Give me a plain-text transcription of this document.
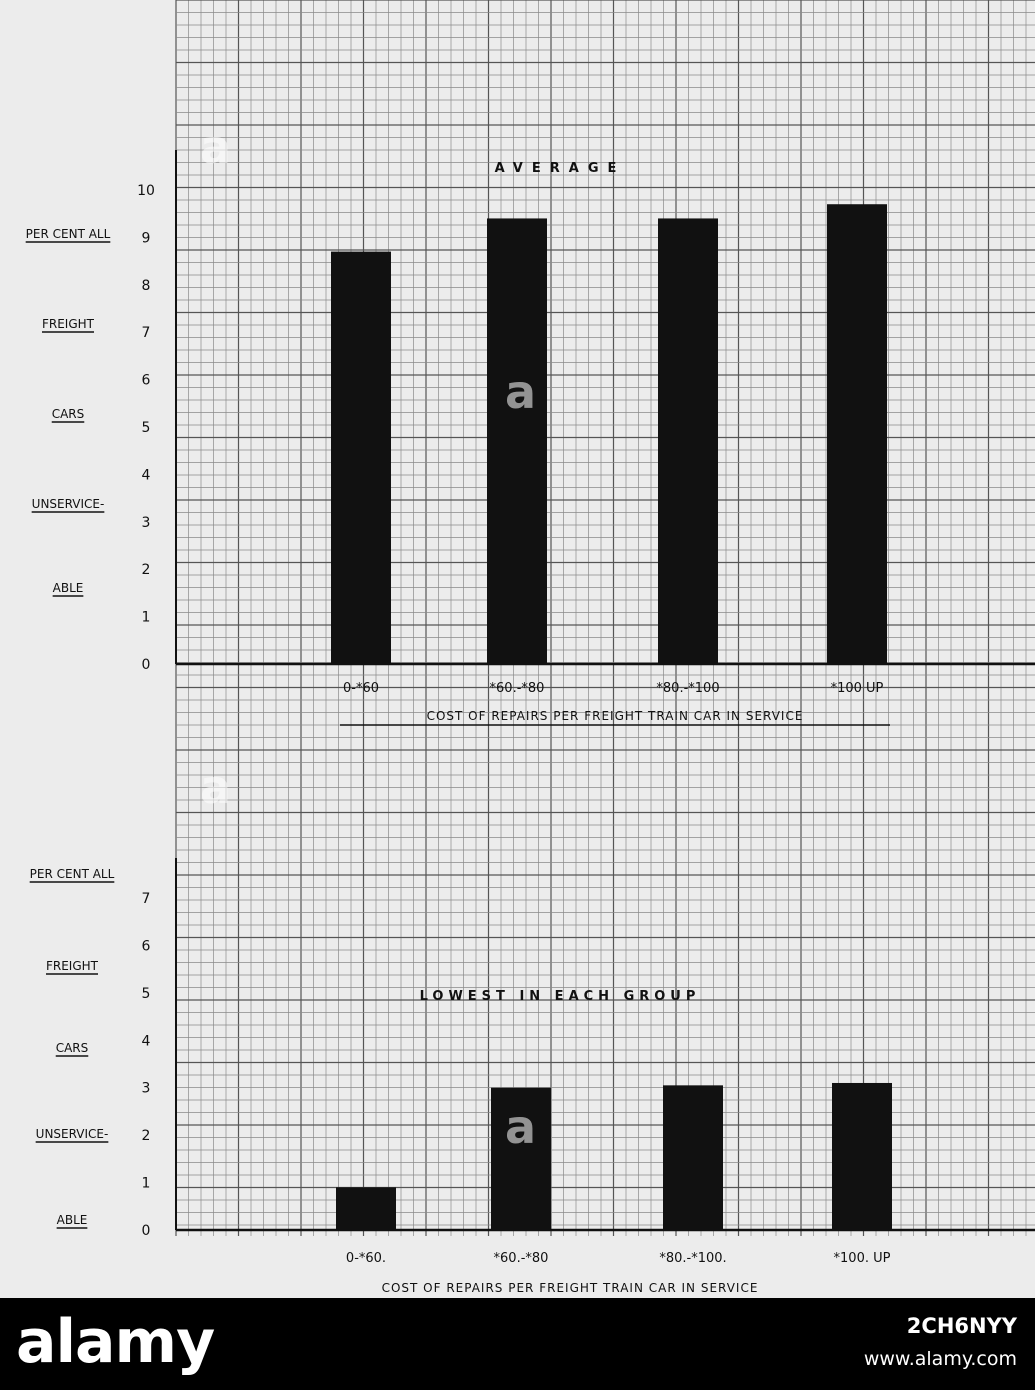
0
1
2
3
4
5
6
7
8
9
10
PER CENT ALL
FREIGHT
CARS
UNSERVICE-
ABLE
0-*60	*60.-*80	*80.-*100	*100 UP
AVERAGE
COST OF REPAIRS PER FREIGHT TRAIN CAR IN SERVICE
0
1
2
3
4
5
6
7
PER CENT ALL
FREIGHT
CARS
UNSERVICE-
ABLE
0-*60.	*60.-*80	*80.-*100.	*100. UP
LOWEST IN EACH GROUP
COST OF REPAIRS PER FREIGHT TRAIN CAR IN SERVICE
a
a
a
a
alamy	2CH6NYY
www.alamy.com
